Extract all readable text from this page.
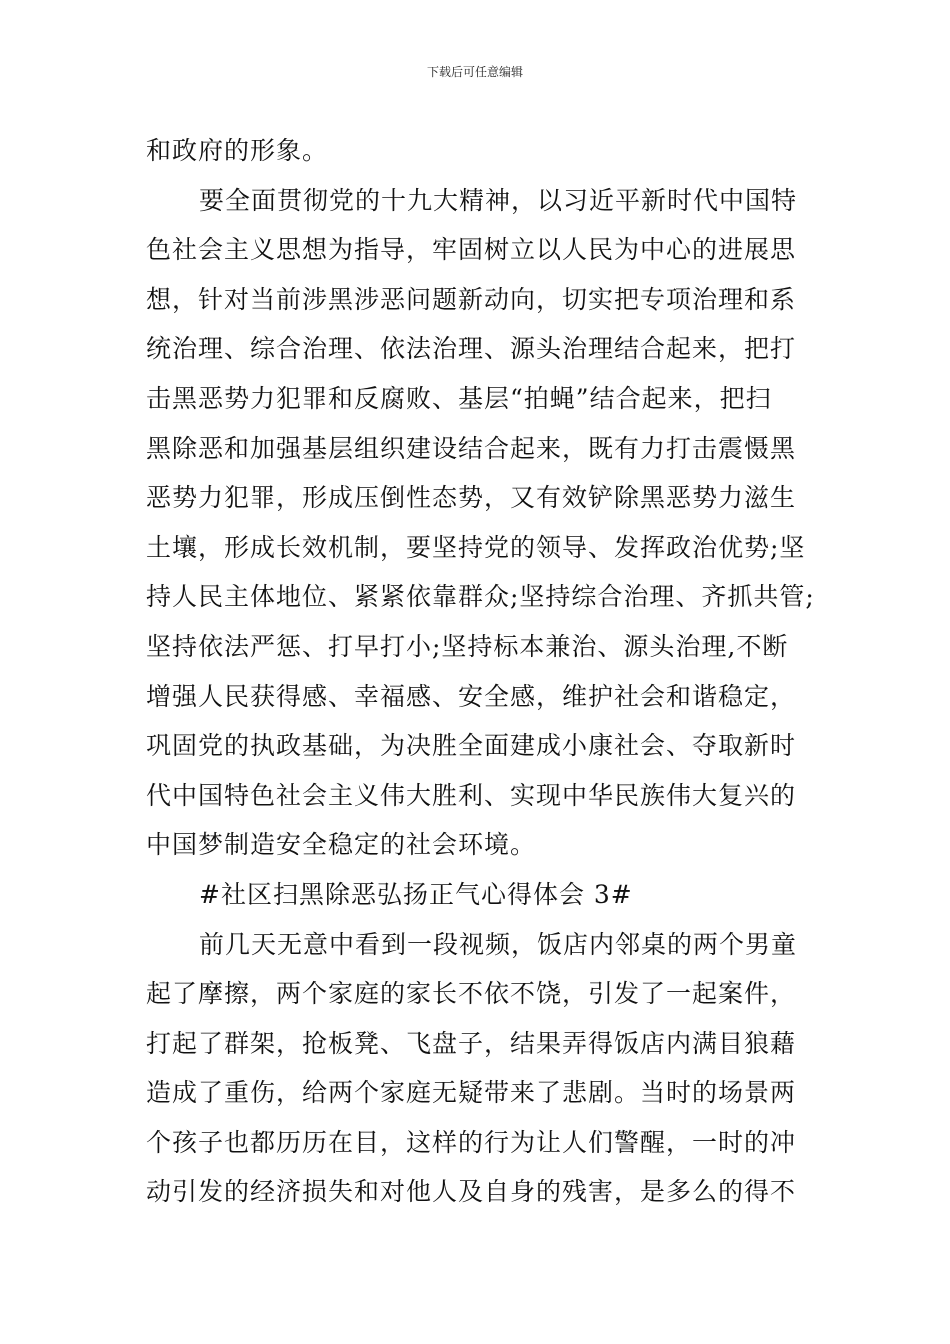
下载后可任意编辑
和政府的形象。
要全面贯彻党的十九大精神，以习近平新时代中国特
色社会主义思想为指导，牢固树立以人民为中心的进展思
想，针对当前涉黑涉恶问题新动向，切实把专项治理和系
统治理、综合治理、依法治理、源头治理结合起来，把打
击黑恶势力犯罪和反腐败、基层“拍蝇”结合起来，把扫
黑除恶和加强基层组织建设结合起来，既有力打击震慑黑
恶势力犯罪，形成压倒性态势，又有效铲除黑恶势力滋生
土壤，形成长效机制，要坚持党的领导、发挥政治优势;坚
持人民主体地位、紧紧依靠群众;坚持综合治理、齐抓共管;
坚持依法严惩、打早打小;坚持标本兼治、源头治理,不断
增强人民获得感、幸福感、安全感，维护社会和谐稳定，
巩固党的执政基础，为决胜全面建成小康社会、夺取新时
代中国特色社会主义伟大胜利、实现中华民族伟大复兴的
中国梦制造安全稳定的社会环境。
#社区扫黑除恶弘扬正气心得体会 3#
前几天无意中看到一段视频，饭店内邻桌的两个男童
起了摩擦，两个家庭的家长不依不饶，引发了一起案件，
打起了群架，抢板凳、飞盘子，结果弄得饭店内满目狼藉
造成了重伤，给两个家庭无疑带来了悲剧。当时的场景两
个孩子也都历历在目，这样的行为让人们警醒，一时的冲
动引发的经济损失和对他人及自身的残害，是多么的得不
